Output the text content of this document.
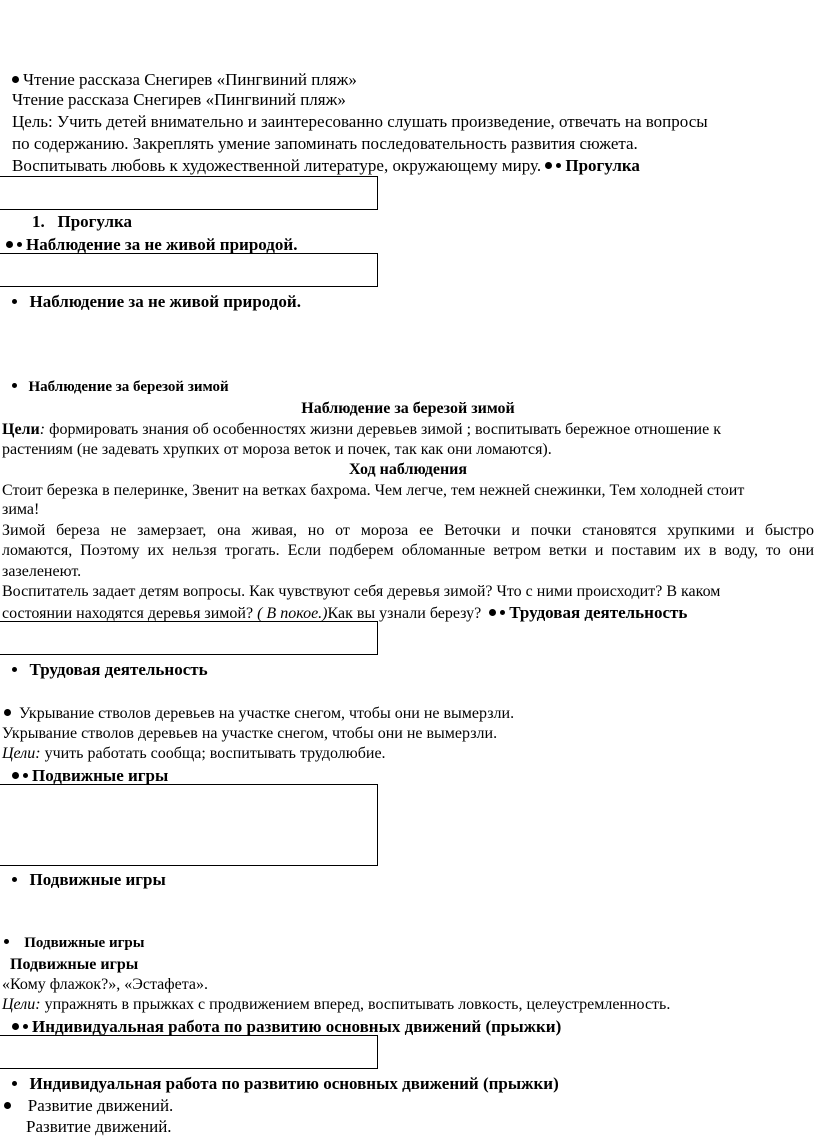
Чтение рассказа Снегирев «Пингвиний пляж»
Чтение рассказа Снегирев «Пингвиний пляж»
Цель: Учить детей внимательно и заинтересованно слушать произведение, отвечать на вопросы
по содержанию. Закреплять умение запоминать последовательность развития сюжета.
Воспитывать любовь к художественной литературе, окружающему миру. Прогулка
1. Прогулка
Наблюдение за не живой природой.
Наблюдение за не живой природой.
Наблюдение за березой зимой
Наблюдение за березой зимой
Цели: формировать знания об особенностях жизни деревьев зимой ; воспитывать бережное отношение к
растениям (не задевать хрупких от мороза веток и почек, так как они ломаются).
Ход наблюдения
Стоит березка в пелеринке, Звенит на ветках бахрома. Чем легче, тем нежней снежинки, Тем холодней стоит
зима!
Зимой береза не замерзает, она живая, но от мороза ее Веточки и почки становятся хрупкими и быстро
ломаются, Поэтому их нельзя трогать. Если подберем обломанные ветром ветки и поставим их в воду, то они
зазеленеют.
Воспитатель задает детям вопросы. Как чувствуют себя деревья зимой? Что с ними происходит? В каком
состоянии находятся деревья зимой? ( В покое.)Как вы узнали березу? Трудовая деятельность
Трудовая деятельность
Укрывание стволов деревьев на участке снегом, чтобы они не вымерзли.
Укрывание стволов деревьев на участке снегом, чтобы они не вымерзли.
Цели: учить работать сообща; воспитывать трудолюбие.
Подвижные игры
Подвижные игры
Подвижные игры
Подвижные игры
«Кому флажок?», «Эстафета».
Цели: упражнять в прыжках с продвижением вперед, воспитывать ловкость, целеустремленность.
Индивидуальная работа по развитию основных движений (прыжки)
Индивидуальная работа по развитию основных движений (прыжки)
Развитие движений.
Развитие движений.
